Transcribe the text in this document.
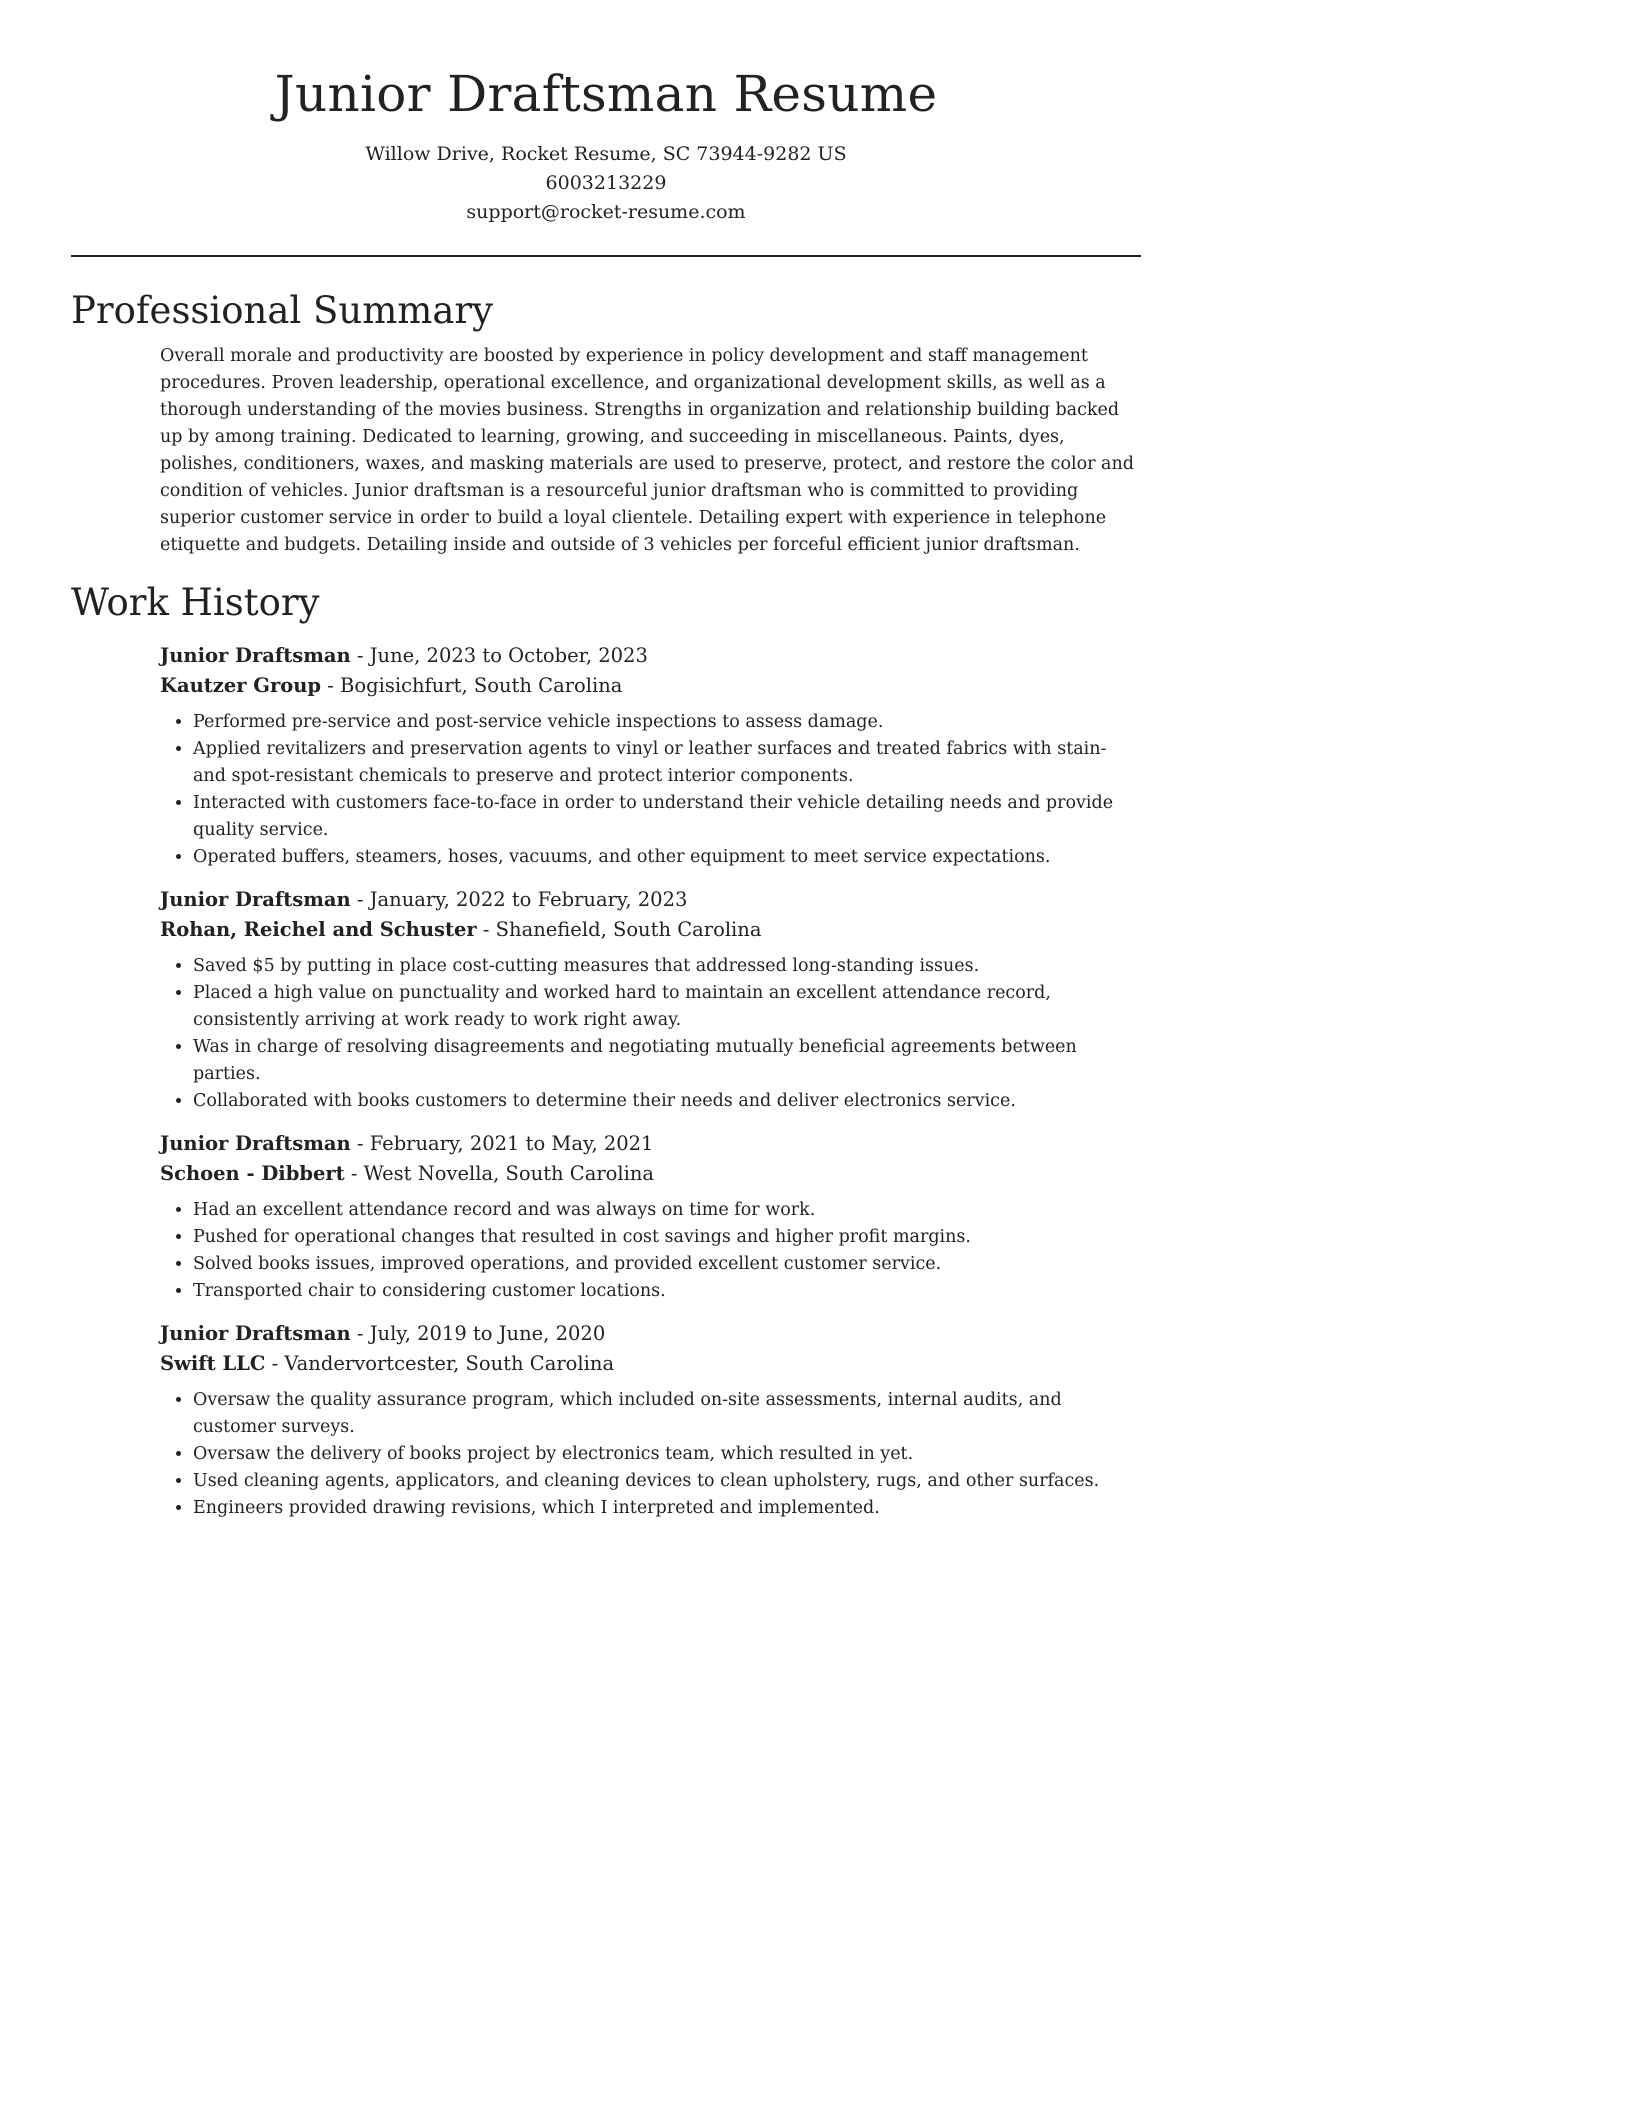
Junior Draftsman Resume
Willow Drive, Rocket Resume, SC 73944-9282 US
6003213229
support@rocket-resume.com
Professional Summary

Overall morale and productivity are boosted by experience in policy development and staff management procedures. Proven leadership, operational excellence, and organizational development skills, as well as a thorough understanding of the movies business. Strengths in organization and relationship building backed up by among training. Dedicated to learning, growing, and succeeding in miscellaneous. Paints, dyes, polishes, conditioners, waxes, and masking materials are used to preserve, protect, and restore the color and condition of vehicles. Junior draftsman is a resourceful junior draftsman who is committed to providing superior customer service in order to build a loyal clientele. Detailing expert with experience in telephone etiquette and budgets. Detailing inside and outside of 3 vehicles per forceful efficient junior draftsman.

Work History
Junior Draftsman - June, 2023 to October, 2023
Kautzer Group - Bogisichfurt, South Carolina
• Performed pre-service and post-service vehicle inspections to assess damage.
• Applied revitalizers and preservation agents to vinyl or leather surfaces and treated fabrics with stain- and spot-resistant chemicals to preserve and protect interior components.
• Interacted with customers face-to-face in order to understand their vehicle detailing needs and provide quality service.
• Operated buffers, steamers, hoses, vacuums, and other equipment to meet service expectations.
Junior Draftsman - January, 2022 to February, 2023
Rohan, Reichel and Schuster - Shanefield, South Carolina
• Saved $5 by putting in place cost-cutting measures that addressed long-standing issues.
• Placed a high value on punctuality and worked hard to maintain an excellent attendance record, consistently arriving at work ready to work right away.
• Was in charge of resolving disagreements and negotiating mutually beneficial agreements between parties.
• Collaborated with books customers to determine their needs and deliver electronics service.
Junior Draftsman - February, 2021 to May, 2021
Schoen - Dibbert - West Novella, South Carolina
• Had an excellent attendance record and was always on time for work.
• Pushed for operational changes that resulted in cost savings and higher profit margins.
• Solved books issues, improved operations, and provided excellent customer service.
• Transported chair to considering customer locations.
Junior Draftsman - July, 2019 to June, 2020
Swift LLC - Vandervortcester, South Carolina
• Oversaw the quality assurance program, which included on-site assessments, internal audits, and customer surveys.
• Oversaw the delivery of books project by electronics team, which resulted in yet.
• Used cleaning agents, applicators, and cleaning devices to clean upholstery, rugs, and other surfaces.
• Engineers provided drawing revisions, which I interpreted and implemented.
